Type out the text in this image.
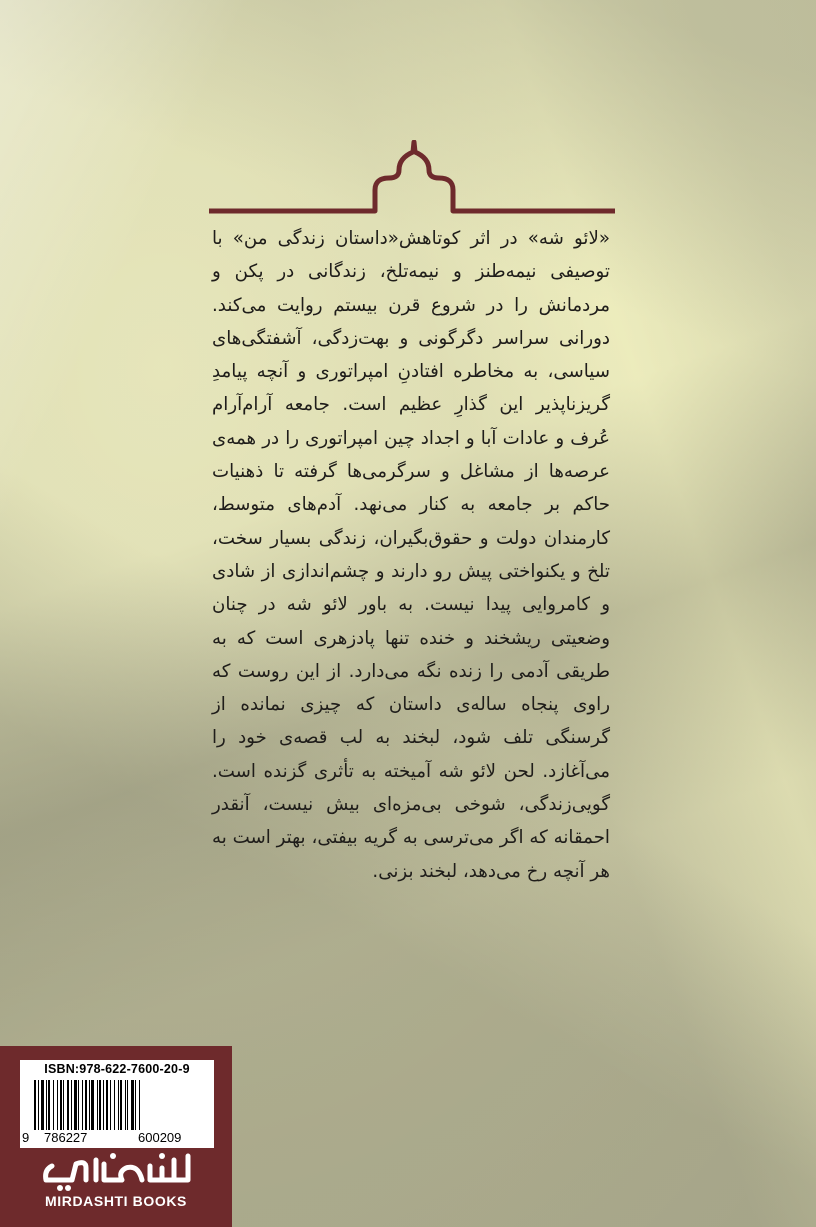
«لائو شه» در اثر کوتاهش«داستان زندگی من» با توصیفی نیمه‌طنز و نیمه‌تلخ، زندگانی در پکن و مردمانش را در شروع قرن بیستم روایت می‌کند. دورانی سراسر دگرگونی و بهت‌زدگی، آشفتگی‌های سیاسی، به مخاطره افتادنِ امپراتوری و آنچه پیامدِ گریزناپذیر این گذارِ عظیم است. جامعه آرام‌آرام عُرف و عادات آبا و اجداد چین امپراتوری را در همه‌ی عرصه‌ها از مشاغل و سرگرمی‌ها گرفته تا ذهنیات حاکم بر جامعه به کنار می‌نهد. آدم‌های متوسط، کارمندان دولت و حقوق‌بگیران، زندگی بسیار سخت، تلخ و یکنواختی پیش رو دارند و چشم‌اندازی از شادی و کامروایی پیدا نیست. به باور لائو شه در چنان وضعیتی ریشخند و خنده تنها پادزهری است که به طریقی آدمی را زنده نگه می‌دارد. از این روست که راوی پنجاه ساله‌ی داستان که چیزی نمانده از گرسنگی تلف شود، لبخند به لب قصه‌ی خود را می‌آغازد. لحن لائو شه آمیخته به تأثری گزنده است. گویی‌زندگی، شوخی بی‌مزه‌ای بیش نیست، آنقدر احمقانه که اگر می‌ترسی به گریه بیفتی، بهتر است به هر آنچه رخ می‌دهد، لبخند بزنی.
ISBN:978-622-7600-20-9
9 786227	600209
MIRDASHTI BOOKS
